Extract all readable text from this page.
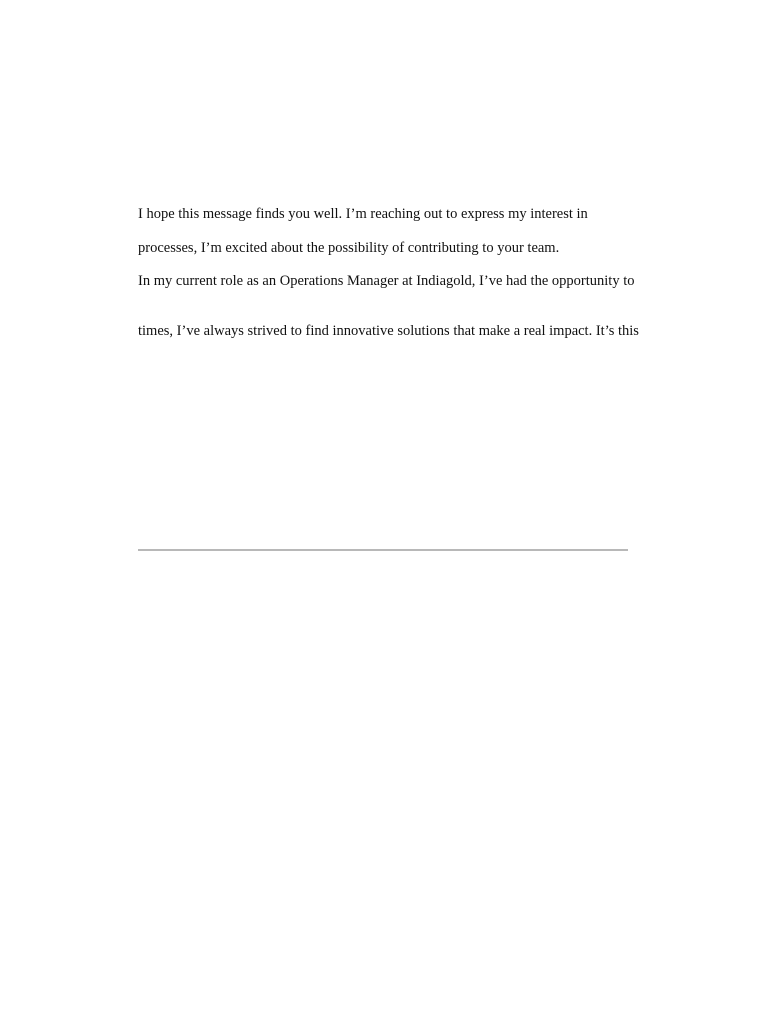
I hope this message finds you well. I’m reaching out to express my interest in
processes, I’m excited about the possibility of contributing to your team.
In my current role as an Operations Manager at Indiagold, I’ve had the opportunity to
times, I’ve always strived to find innovative solutions that make a real impact. It’s this
